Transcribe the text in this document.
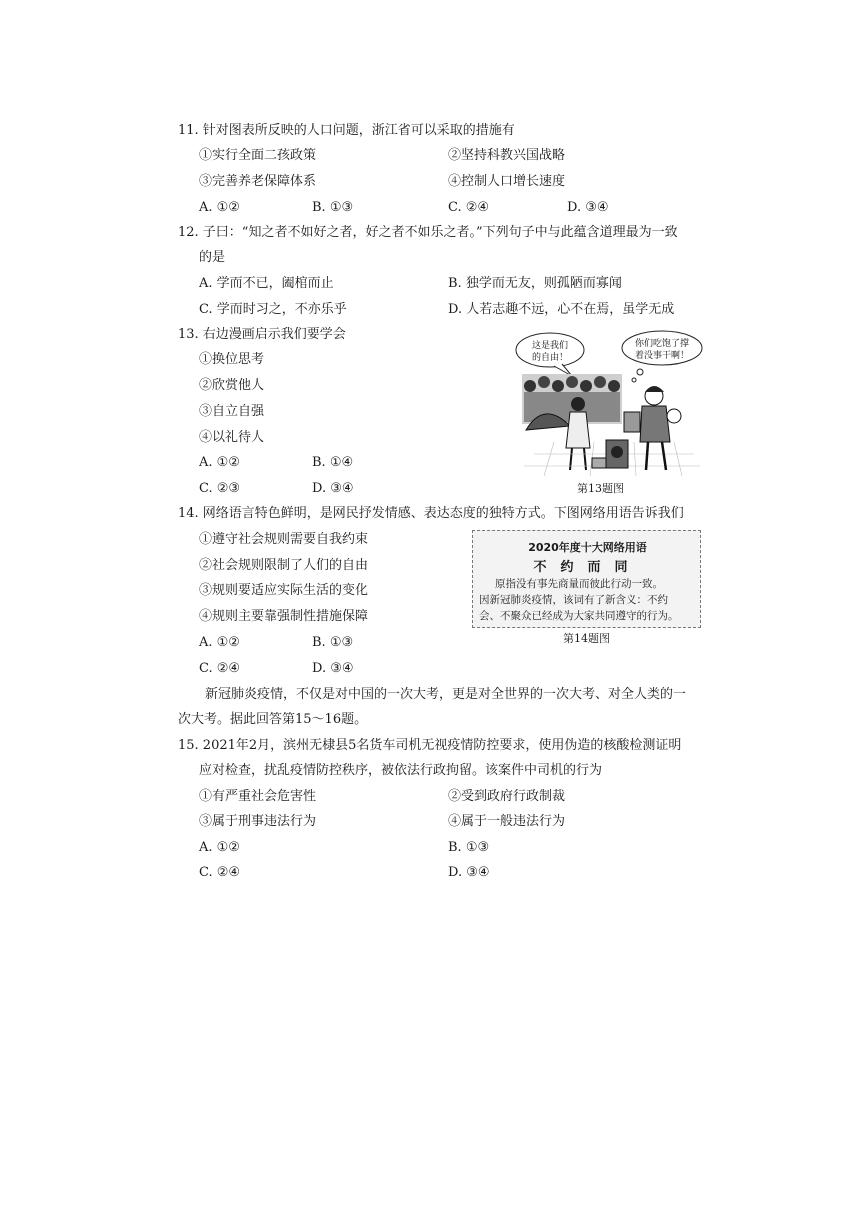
11. 针对图表所反映的人口问题，浙江省可以采取的措施有
①实行全面二孩政策	②坚持科教兴国战略
③完善养老保障体系	④控制人口增长速度
A. ①②	B. ①③	C. ②④	D. ③④
12. 子曰：“知之者不如好之者，好之者不如乐之者。”下列句子中与此蕴含道理最为一致
的是
A. 学而不已，阖棺而止	B. 独学而无友，则孤陋而寡闻
C. 学而时习之，不亦乐乎	D. 人若志趣不远，心不在焉，虽学无成
13. 右边漫画启示我们要学会
①换位思考
②欣赏他人
③自立自强
④以礼待人
A. ①②	B. ①④
C. ②③	D. ③④
这是我们
的自由！
你们吃饱了撑
着没事干啊！
第13题图
14. 网络语言特色鲜明，是网民抒发情感、表达态度的独特方式。下图网络用语告诉我们
①遵守社会规则需要自我约束
②社会规则限制了人们的自由
③规则要适应实际生活的变化
④规则主要靠强制性措施保障
A. ①②	B. ①③
C. ②④	D. ③④
2020年度十大网络用语
不约而同
原指没有事先商量而彼此行动一致。
因新冠肺炎疫情，该词有了新含义：不约
会、不聚众已经成为大家共同遵守的行为。
第14题图
新冠肺炎疫情，不仅是对中国的一次大考，更是对全世界的一次大考、对全人类的一
次大考。据此回答第15～16题。
15. 2021年2月，滨州无棣县5名货车司机无视疫情防控要求，使用伪造的核酸检测证明
应对检查，扰乱疫情防控秩序，被依法行政拘留。该案件中司机的行为
①有严重社会危害性	②受到政府行政制裁
③属于刑事违法行为	④属于一般违法行为
A. ①②	B. ①③
C. ②④	D. ③④
